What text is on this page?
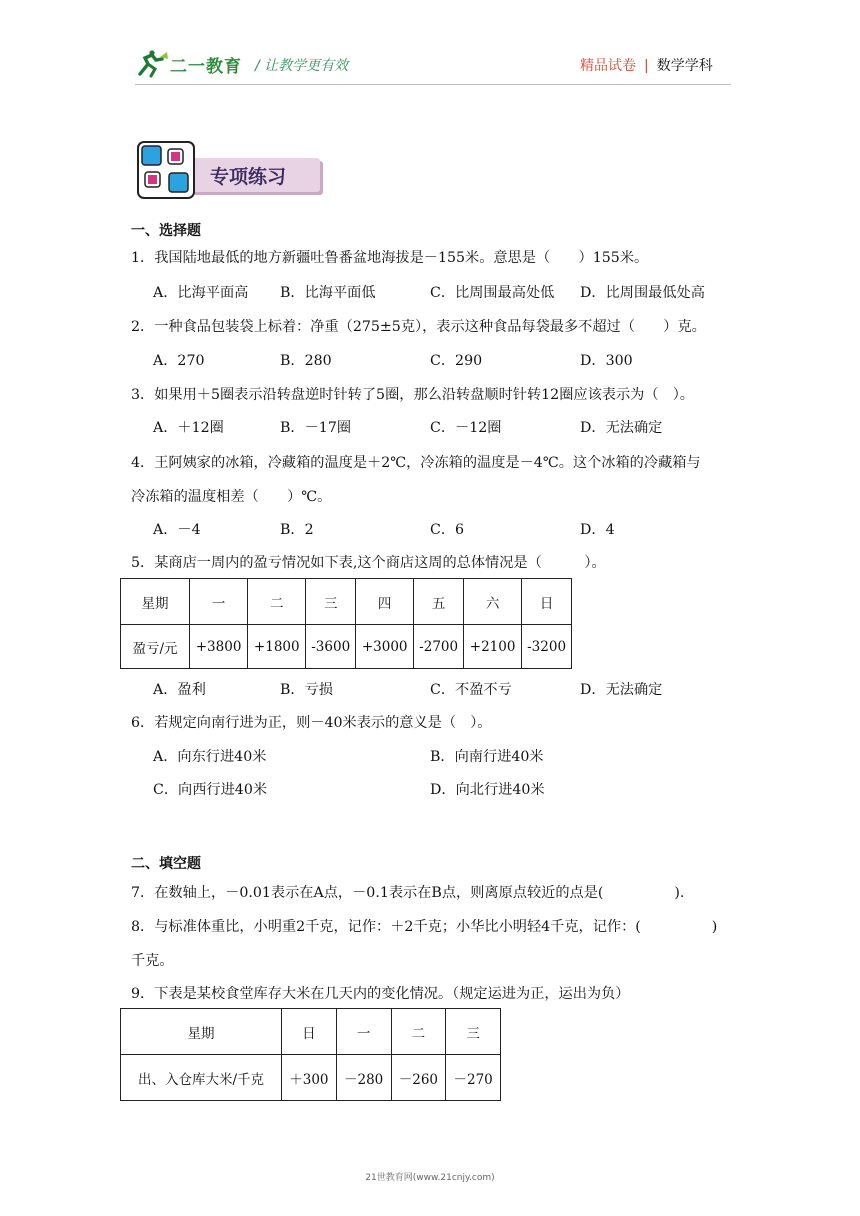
二一教育 / 让教学更有效	精品试卷 | 数学学科
专项练习
一、选择题
1．我国陆地最低的地方新疆吐鲁番盆地海拔是－155米。意思是（　　）155米。
A．比海平面高 B．比海平面低	C．比周围最高处低 D．比周围最低处高
2．一种食品包装袋上标着：净重（275±5克），表示这种食品每袋最多不超过（　　）克。
A．270	B．280	C．290	D．300
3．如果用＋5圈表示沿转盘逆时针转了5圈，那么沿转盘顺时针转12圈应该表示为（　）。
A．＋12圈	B．－17圈	C．－12圈	D．无法确定
4．王阿姨家的冰箱，冷藏箱的温度是＋2℃，冷冻箱的温度是－4℃。这个冰箱的冷藏箱与
冷冻箱的温度相差（　　）℃。
A．－4	B．2	C．6	D．4
5．某商店一周内的盈亏情况如下表,这个商店这周的总体情况是（　　　）。
星期	一	二	三	四	五	六	日
盈亏/元	+3800	+1800	-3600	+3000	-2700	+2100	-3200
A．盈利	B．亏损	C．不盈不亏	D．无法确定
6．若规定向南行进为正，则－40米表示的意义是（　）。
A．向东行进40米	B．向南行进40米
C．向西行进40米	D．向北行进40米
二、填空题
7．在数轴上，－0.01表示在A点，－0.1表示在B点，则离原点较近的点是(　　　　　).
8．与标准体重比，小明重2千克，记作：＋2千克；小华比小明轻4千克，记作：(　　　　　)
千克。
9．下表是某校食堂库存大米在几天内的变化情况。（规定运进为正，运出为负）
星期	日	一	二	三
出、入仓库大米/千克	＋300	－280	－260	－270
21世教育网(www.21cnjy.com)
